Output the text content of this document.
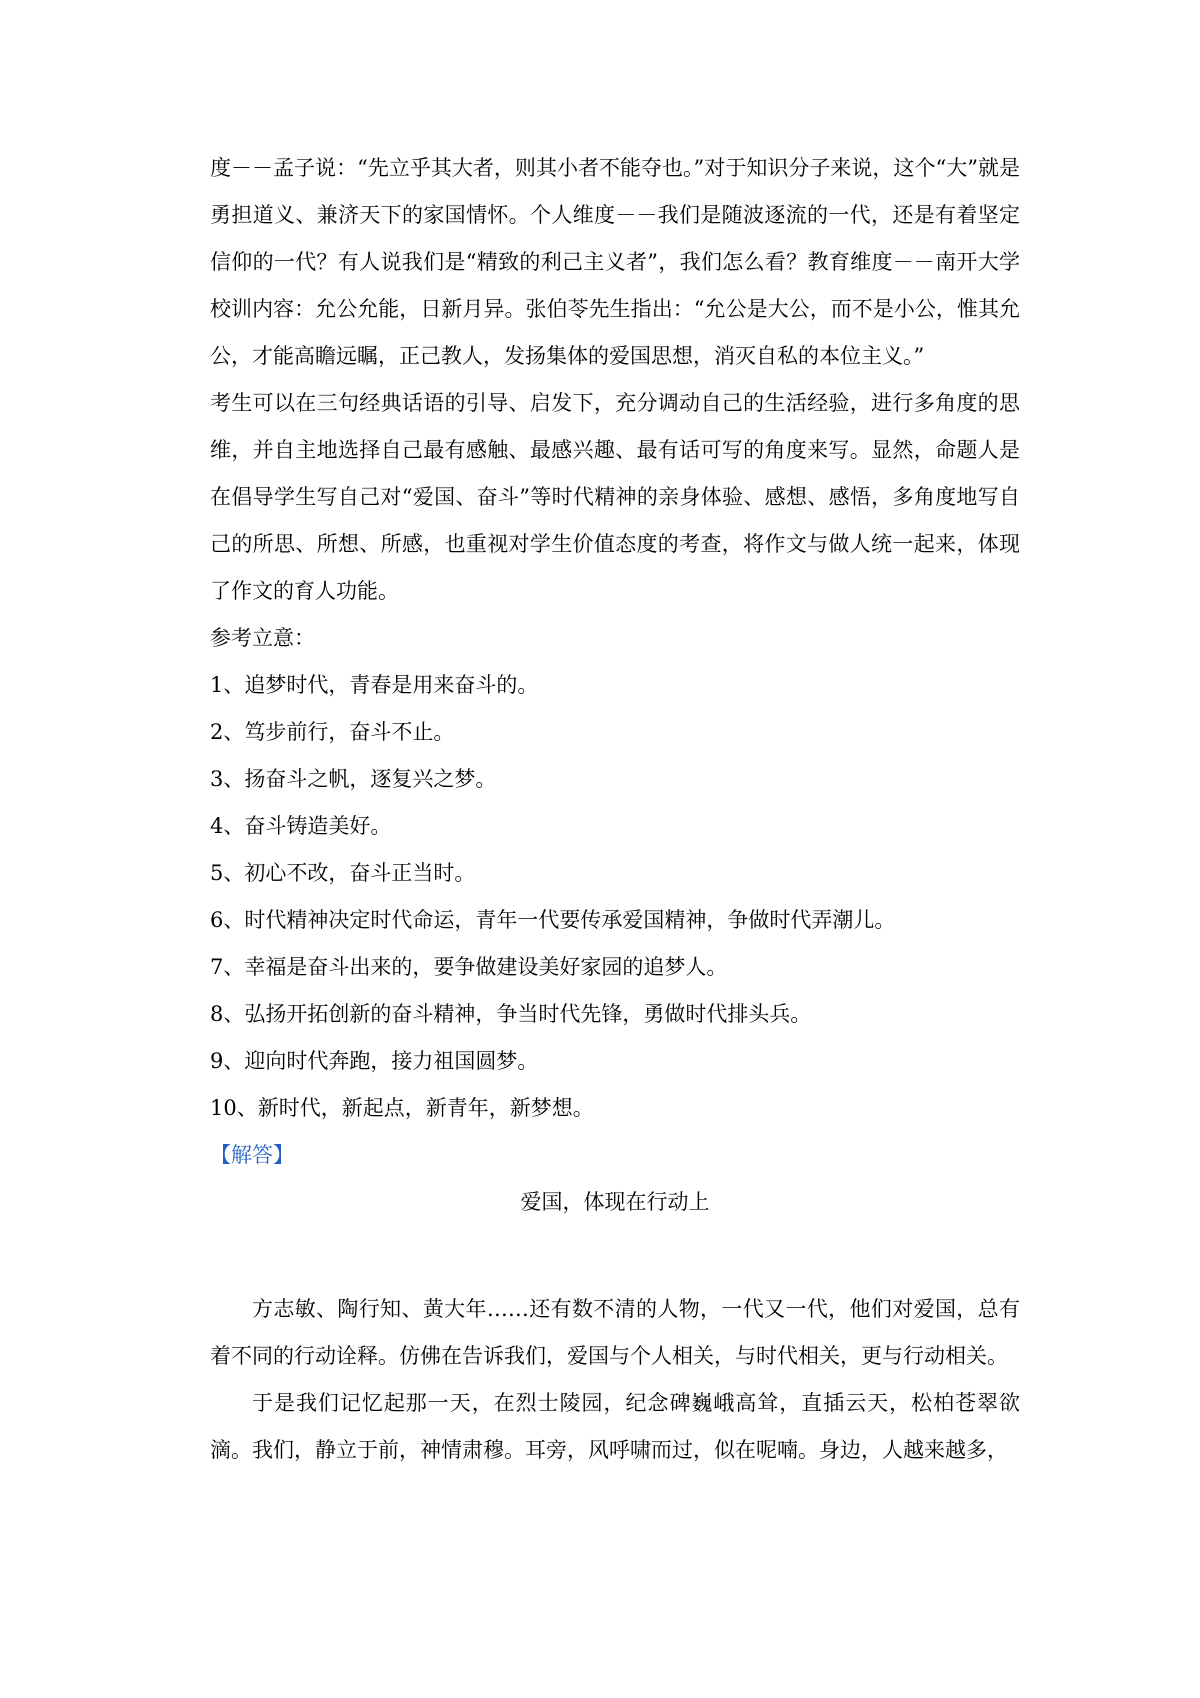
度－－孟子说：“先立乎其大者，则其小者不能夺也。”对于知识分子来说，这个“大”就是勇担道义、兼济天下的家国情怀。个人维度－－我们是随波逐流的一代，还是有着坚定信仰的一代？有人说我们是“精致的利己主义者”，我们怎么看？教育维度－－南开大学校训内容：允公允能，日新月异。张伯苓先生指出：“允公是大公，而不是小公，惟其允公，才能高瞻远瞩，正己教人，发扬集体的爱国思想，消灭自私的本位主义。”

考生可以在三句经典话语的引导、启发下，充分调动自己的生活经验，进行多角度的思维，并自主地选择自己最有感触、最感兴趣、最有话可写的角度来写。显然，命题人是在倡导学生写自己对“爱国、奋斗”等时代精神的亲身体验、感想、感悟，多角度地写自己的所思、所想、所感，也重视对学生价值态度的考查，将作文与做人统一起来，体现了作文的育人功能。

参考立意：

1、追梦时代，青春是用来奋斗的。

2、笃步前行，奋斗不止。

3、扬奋斗之帆，逐复兴之梦。

4、奋斗铸造美好。

5、初心不改，奋斗正当时。

6、时代精神决定时代命运，青年一代要传承爱国精神，争做时代弄潮儿。

7、幸福是奋斗出来的，要争做建设美好家园的追梦人。

8、弘扬开拓创新的奋斗精神，争当时代先锋，勇做时代排头兵。

9、迎向时代奔跑，接力祖国圆梦。

10、新时代，新起点，新青年，新梦想。

【解答】

爱国，体现在行动上

方志敏、陶行知、黄大年……还有数不清的人物，一代又一代，他们对爱国，总有着不同的行动诠释。仿佛在告诉我们，爱国与个人相关，与时代相关，更与行动相关。

于是我们记忆起那一天，在烈士陵园，纪念碑巍峨高耸，直插云天，松柏苍翠欲滴。我们，静立于前，神情肃穆。耳旁，风呼啸而过，似在呢喃。身边，人越来越多，
